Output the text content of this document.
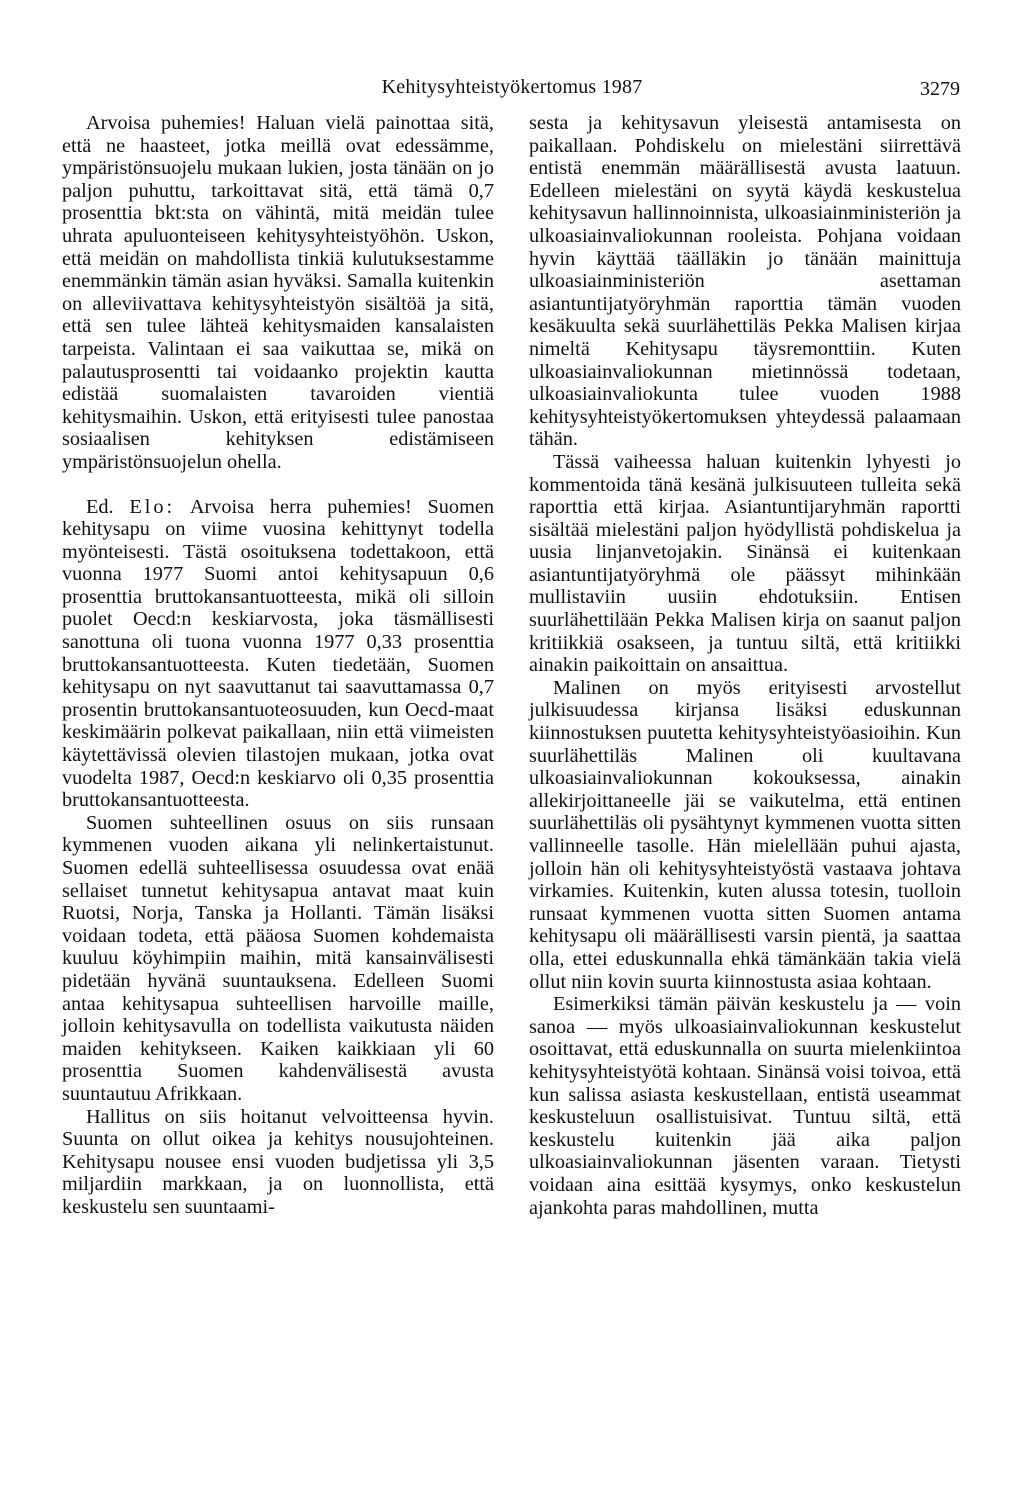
Kehitysyhteistyökertomus 1987	3279

Arvoisa puhemies! Haluan vielä painottaa sitä, että ne haasteet, jotka meillä ovat edessämme, ympäristönsuojelu mukaan lukien, josta tänään on jo paljon puhuttu, tarkoittavat sitä, että tämä 0,7 prosenttia bkt:sta on vähintä, mitä meidän tulee uhrata apuluonteiseen kehitysyhteistyöhön. Uskon, että meidän on mahdollista tinkiä kulutuksestamme enemmänkin tämän asian hyväksi. Samalla kuitenkin on alleviivattava kehitysyhteistyön sisältöä ja sitä, että sen tulee lähteä kehitysmaiden kansalaisten tarpeista. Valintaan ei saa vaikuttaa se, mikä on palautusprosentti tai voidaanko projektin kautta edistää suomalaisten tavaroiden vientiä kehitysmaihin. Uskon, että erityisesti tulee panostaa sosiaalisen kehityksen edistämiseen ympäristönsuojelun ohella.

Ed. Elo: Arvoisa herra puhemies! Suomen kehitysapu on viime vuosina kehittynyt todella myönteisesti. Tästä osoituksena todettakoon, että vuonna 1977 Suomi antoi kehitysapuun 0,6 prosenttia bruttokansantuotteesta, mikä oli silloin puolet Oecd:n keskiarvosta, joka täsmällisesti sanottuna oli tuona vuonna 1977 0,33 prosenttia bruttokansantuotteesta. Kuten tiedetään, Suomen kehitysapu on nyt saavuttanut tai saavuttamassa 0,7 prosentin bruttokansantuoteosuuden, kun Oecd-maat keskimäärin polkevat paikallaan, niin että viimeisten käytettävissä olevien tilastojen mukaan, jotka ovat vuodelta 1987, Oecd:n keskiarvo oli 0,35 prosenttia bruttokansantuotteesta.

Suomen suhteellinen osuus on siis runsaan kymmenen vuoden aikana yli nelinkertaistunut. Suomen edellä suhteellisessa osuudessa ovat enää sellaiset tunnetut kehitysapua antavat maat kuin Ruotsi, Norja, Tanska ja Hollanti. Tämän lisäksi voidaan todeta, että pääosa Suomen kohdemaista kuuluu köyhimpiin maihin, mitä kansainvälisesti pidetään hyvänä suuntauksena. Edelleen Suomi antaa kehitysapua suhteellisen harvoille maille, jolloin kehitysavulla on todellista vaikutusta näiden maiden kehitykseen. Kaiken kaikkiaan yli 60 prosenttia Suomen kahdenvälisestä avusta suuntautuu Afrikkaan.

Hallitus on siis hoitanut velvoitteensa hyvin. Suunta on ollut oikea ja kehitys nousujohteinen. Kehitysapu nousee ensi vuoden budjetissa yli 3,5 miljardiin markkaan, ja on luonnollista, että keskustelu sen suuntaami-

sesta ja kehitysavun yleisestä antamisesta on paikallaan. Pohdiskelu on mielestäni siirrettävä entistä enemmän määrällisestä avusta laatuun. Edelleen mielestäni on syytä käydä keskustelua kehitysavun hallinnoinnista, ulkoasiainministeriön ja ulkoasiainvaliokunnan rooleista. Pohjana voidaan hyvin käyttää täälläkin jo tänään mainittuja ulkoasiainministeriön asettaman asiantuntijatyöryhmän raporttia tämän vuoden kesäkuulta sekä suurlähettiläs Pekka Malisen kirjaa nimeltä Kehitysapu täysremonttiin. Kuten ulkoasiainvaliokunnan mietinnössä todetaan, ulkoasiainvaliokunta tulee vuoden 1988 kehitysyhteistyökertomuksen yhteydessä palaamaan tähän.

Tässä vaiheessa haluan kuitenkin lyhyesti jo kommentoida tänä kesänä julkisuuteen tulleita sekä raporttia että kirjaa. Asiantuntijaryhmän raportti sisältää mielestäni paljon hyödyllistä pohdiskelua ja uusia linjanvetojakin. Sinänsä ei kuitenkaan asiantuntijatyöryhmä ole päässyt mihinkään mullistaviin uusiin ehdotuksiin. Entisen suurlähettilään Pekka Malisen kirja on saanut paljon kritiikkiä osakseen, ja tuntuu siltä, että kritiikki ainakin paikoittain on ansaittua.

Malinen on myös erityisesti arvostellut julkisuudessa kirjansa lisäksi eduskunnan kiinnostuksen puutetta kehitysyhteistyöasioihin. Kun suurlähettiläs Malinen oli kuultavana ulkoasiainvaliokunnan kokouksessa, ainakin allekirjoittaneelle jäi se vaikutelma, että entinen suurlähettiläs oli pysähtynyt kymmenen vuotta sitten vallinneelle tasolle. Hän mielellään puhui ajasta, jolloin hän oli kehitysyhteistyöstä vastaava johtava virkamies. Kuitenkin, kuten alussa totesin, tuolloin runsaat kymmenen vuotta sitten Suomen antama kehitysapu oli määrällisesti varsin pientä, ja saattaa olla, ettei eduskunnalla ehkä tämänkään takia vielä ollut niin kovin suurta kiinnostusta asiaa kohtaan.

Esimerkiksi tämän päivän keskustelu ja — voin sanoa — myös ulkoasiainvaliokunnan keskustelut osoittavat, että eduskunnalla on suurta mielenkiintoa kehitysyhteistyötä kohtaan. Sinänsä voisi toivoa, että kun salissa asiasta keskustellaan, entistä useammat keskusteluun osallistuisivat. Tuntuu siltä, että keskustelu kuitenkin jää aika paljon ulkoasiainvaliokunnan jäsenten varaan. Tietysti voidaan aina esittää kysymys, onko keskustelun ajankohta paras mahdollinen, mutta
